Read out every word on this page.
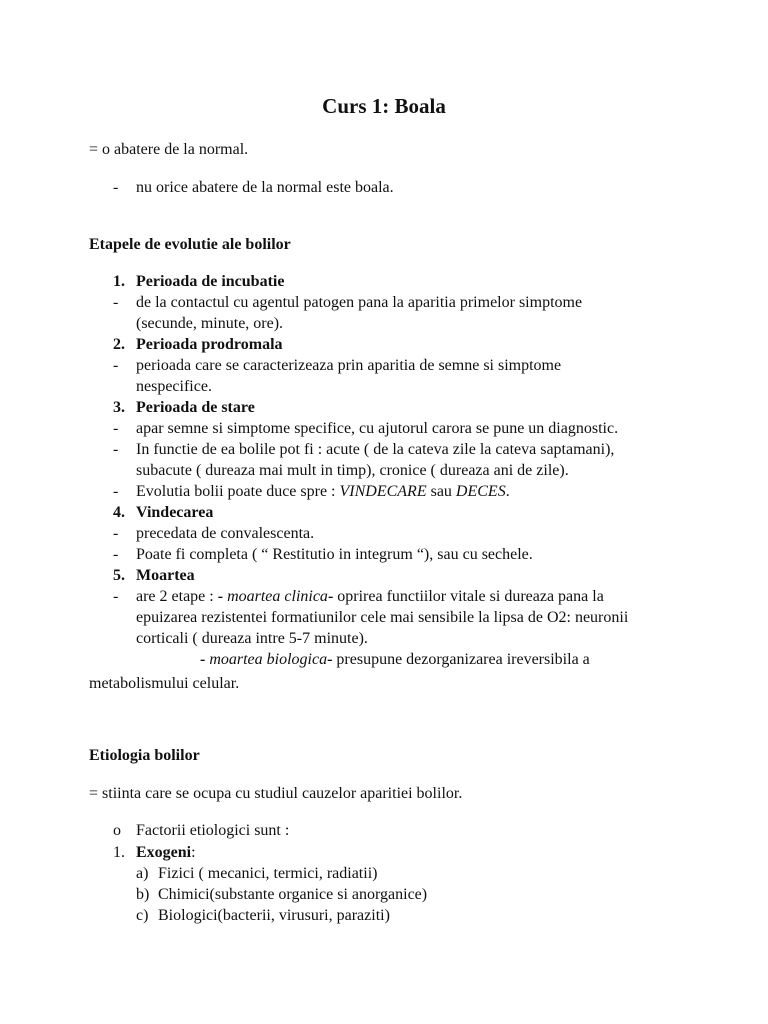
Curs 1: Boala
= o abatere de la normal.
- nu orice abatere de la normal este boala.
Etapele de evolutie ale bolilor
1. Perioada de incubatie
- de la contactul cu agentul patogen pana la aparitia primelor simptome
(secunde, minute, ore).
2. Perioada prodromala
- perioada care se caracterizeaza prin aparitia de semne si simptome
nespecifice.
3. Perioada de stare
- apar semne si simptome specifice, cu ajutorul carora se pune un diagnostic.
- In functie de ea bolile pot fi : acute ( de la cateva zile la cateva saptamani),
subacute ( dureaza mai mult in timp), cronice ( dureaza ani de zile).
- Evolutia bolii poate duce spre : VINDECARE sau DECES.
4. Vindecarea
- precedata de convalescenta.
- Poate fi completa ( “ Restitutio in integrum “), sau cu sechele.
5. Moartea
- are 2 etape : - moartea clinica- oprirea functiilor vitale si dureaza pana la
epuizarea rezistentei formatiunilor cele mai sensibile la lipsa de O2: neuronii
corticali ( dureaza intre 5-7 minute).
- moartea biologica- presupune dezorganizarea ireversibila a
metabolismului celular.
Etiologia bolilor
= stiinta care se ocupa cu studiul cauzelor aparitiei bolilor.
o Factorii etiologici sunt :
1. Exogeni:
a) Fizici ( mecanici, termici, radiatii)
b) Chimici(substante organice si anorganice)
c) Biologici(bacterii, virusuri, paraziti)
